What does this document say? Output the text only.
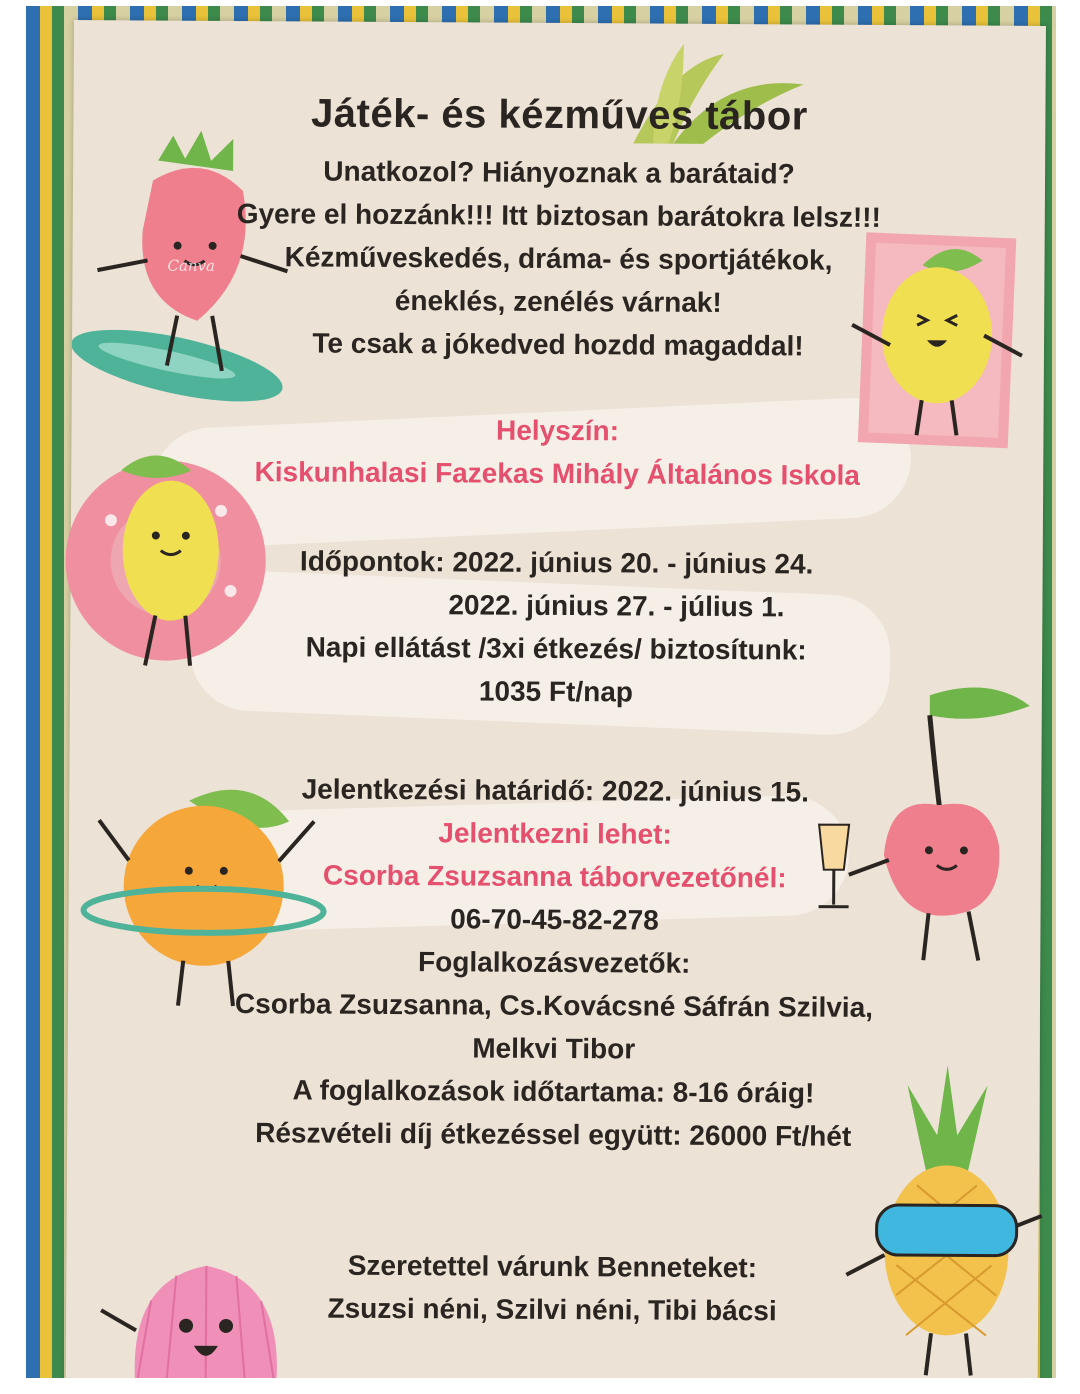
Canva
Játék- és kézműves tábor
Unatkozol? Hiányoznak a barátaid?
Gyere el hozzánk!!! Itt biztosan barátokra lelsz!!!
Kézműveskedés, dráma- és sportjátékok,
éneklés, zenélés várnak!
Te csak a jókedved hozdd magaddal!
Helyszín:
Kiskunhalasi Fazekas Mihály Általános Iskola
Időpontok: 2022. június 20. - június 24.
2022. június 27. - július 1.
Napi ellátást /3xi étkezés/ biztosítunk:
1035 Ft/nap
Jelentkezési határidő: 2022. június 15.
Jelentkezni lehet:
Csorba Zsuzsanna táborvezetőnél:
06-70-45-82-278
Foglalkozásvezetők:
Csorba Zsuzsanna, Cs.Kovácsné Sáfrán Szilvia,
Melkvi Tibor
A foglalkozások időtartama: 8-16 óráig!
Részvételi díj étkezéssel együtt: 26000 Ft/hét
Szeretettel várunk Benneteket:
Zsuzsi néni, Szilvi néni, Tibi bácsi
